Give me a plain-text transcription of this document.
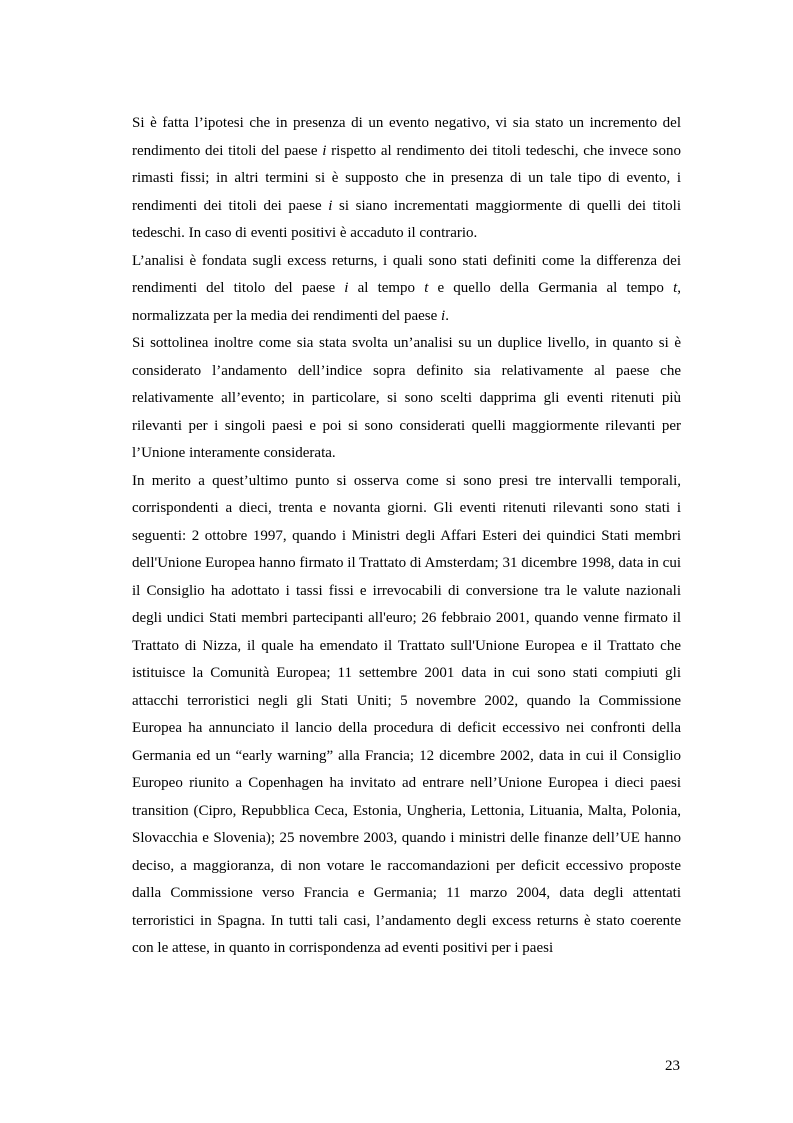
Si è fatta l’ipotesi che in presenza di un evento negativo, vi sia stato un incremento del rendimento dei titoli del paese i rispetto al rendimento dei titoli tedeschi, che invece sono rimasti fissi; in altri termini si è supposto che in presenza di un tale tipo di evento, i rendimenti dei titoli dei paese i si siano incrementati maggiormente di quelli dei titoli tedeschi. In caso di eventi positivi è accaduto il contrario.

L’analisi è fondata sugli excess returns, i quali sono stati definiti come la differenza dei rendimenti del titolo del paese i al tempo t e quello della Germania al tempo t, normalizzata per la media dei rendimenti del paese i.

Si sottolinea inoltre come sia stata svolta un’analisi su un duplice livello, in quanto si è considerato l’andamento dell’indice sopra definito sia relativamente al paese che relativamente all’evento; in particolare, si sono scelti dapprima gli eventi ritenuti più rilevanti per i singoli paesi e poi si sono considerati quelli maggiormente rilevanti per l’Unione interamente considerata.

In merito a quest’ultimo punto si osserva come si sono presi tre intervalli temporali, corrispondenti a dieci, trenta e novanta giorni. Gli eventi ritenuti rilevanti sono stati i seguenti: 2 ottobre 1997, quando i Ministri degli Affari Esteri dei quindici Stati membri dell'Unione Europea hanno firmato il Trattato di Amsterdam; 31 dicembre 1998, data in cui il Consiglio ha adottato i tassi fissi e irrevocabili di conversione tra le valute nazionali degli undici Stati membri partecipanti all'euro; 26 febbraio 2001, quando venne firmato il Trattato di Nizza, il quale ha emendato il Trattato sull'Unione Europea e il Trattato che istituisce la Comunità Europea; 11 settembre 2001 data in cui sono stati compiuti gli attacchi terroristici negli gli Stati Uniti; 5 novembre 2002, quando la Commissione Europea ha annunciato il lancio della procedura di deficit eccessivo nei confronti della Germania ed un “early warning” alla Francia; 12 dicembre 2002, data in cui il Consiglio Europeo riunito a Copenhagen ha invitato ad entrare nell’Unione Europea i dieci paesi transition (Cipro, Repubblica Ceca, Estonia, Ungheria, Lettonia, Lituania, Malta, Polonia, Slovacchia e Slovenia); 25 novembre 2003, quando i ministri delle finanze dell’UE hanno deciso, a maggioranza, di non votare le raccomandazioni per deficit eccessivo proposte dalla Commissione verso Francia e Germania; 11 marzo 2004, data degli attentati terroristici in Spagna. In tutti tali casi, l’andamento degli excess returns è stato coerente con le attese, in quanto in corrispondenza ad eventi positivi per i paesi

23
